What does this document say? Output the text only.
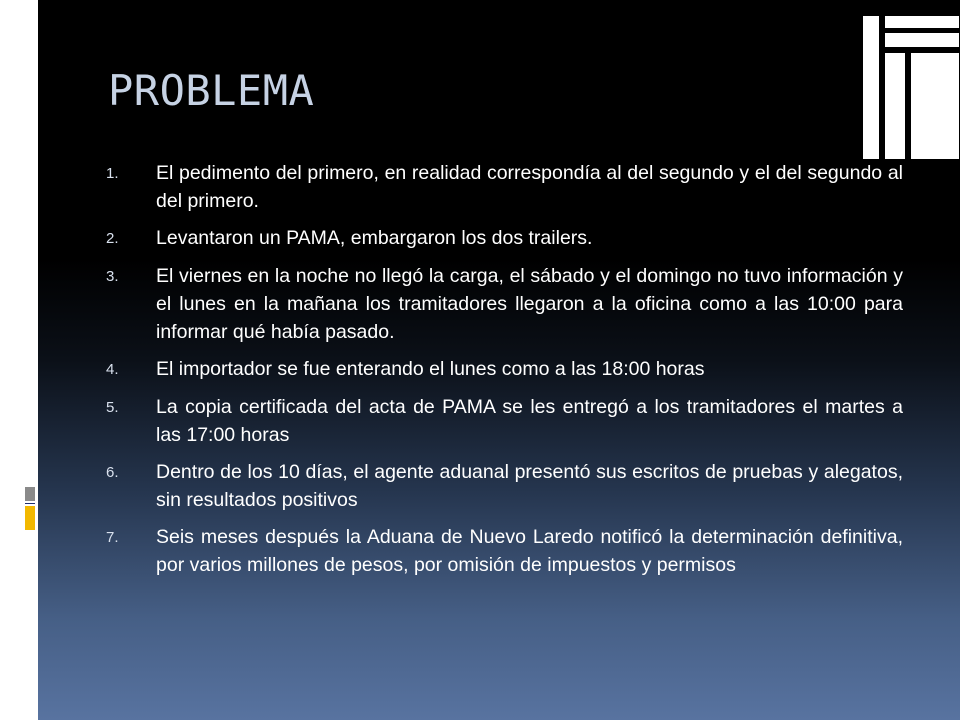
PROBLEMA
1.	El pedimento del primero, en realidad correspondía al del segundo y el del segundo al del primero.
2.	Levantaron un PAMA, embargaron los dos trailers.
3.	El viernes en la noche no llegó la carga, el sábado y el domingo no tuvo información y el lunes en la mañana los tramitadores llegaron a la oficina como a las 10:00 para informar qué había pasado.
4.	El importador se fue enterando el lunes como a las 18:00 horas
5.	La copia certificada del acta de PAMA se les entregó a los tramitadores el martes a las 17:00 horas
6.	Dentro de los 10 días, el agente aduanal presentó sus escritos de pruebas y alegatos, sin resultados positivos
7.	Seis meses después la Aduana de Nuevo Laredo notificó la determinación definitiva, por varios millones de pesos, por omisión de impuestos y permisos
